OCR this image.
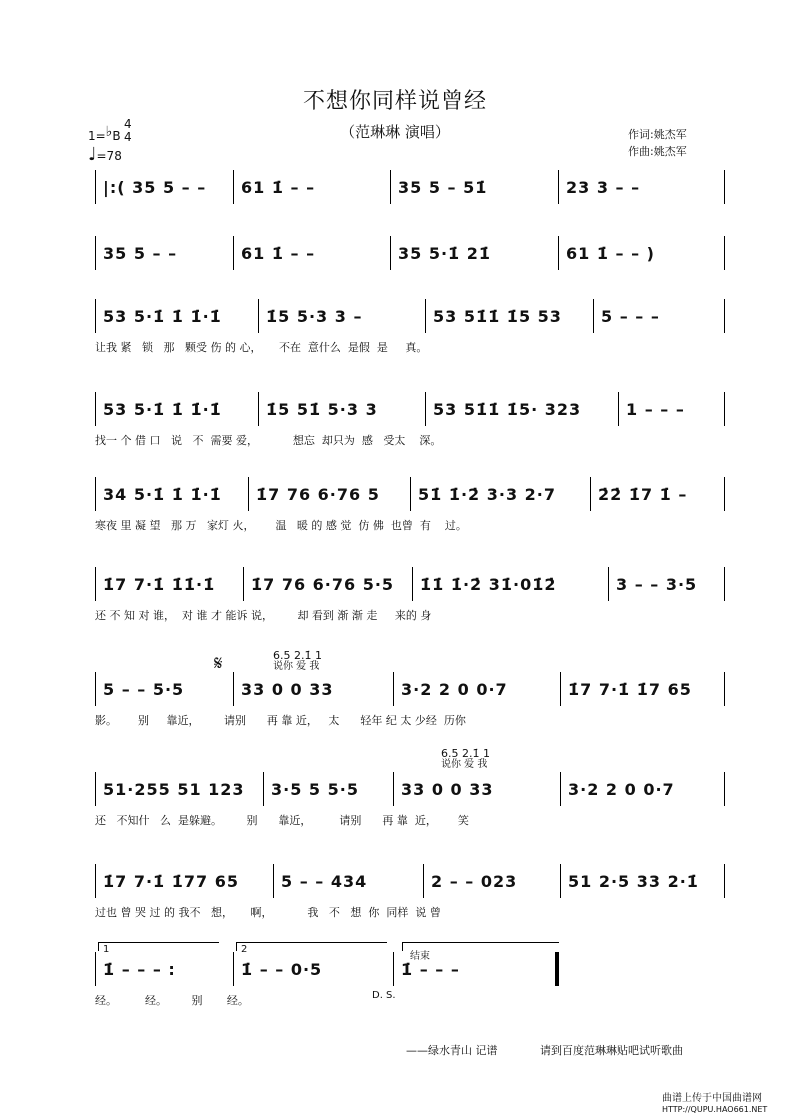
不想你同样说曾经
（范琳琳 演唱）	作词:姚杰军
作曲:姚杰军
1=♭B
4
4
♩=78
|:( 35 5 – – 61 1̇ – –	35 5 – 51̇	23 3 – –
35 5 – –	61 1̇ – –	35 5·1̇ 21̇	61 1̇ – – )
53 5·1̇ 1̇ 1̇·1̇	1̇5 5·3 3 –	53 51̇1̇ 1̇5 53 5 – – –
让我 紧   锁   那   颗受 伤 的 心，     不在  意什么  是假  是     真。
53 5·1̇ 1̇ 1̇·1̇	1̇5 51̇ 5·3 3	53 51̇1̇ 1̇5· 323	1 – – –
找一 个 借 口   说   不  需要 爱，          想忘  却只为  感   受太    深。
34 5·1̇ 1̇ 1̇·1̇ 1̇7 76 6·76 5 51̇ 1̇·2̇ 3·3 2·7	2̇2̇ 1̇7 1̇ –
寒夜 里 凝 望   那 万   家灯 火，      温   暖 的 感 觉  仿 佛  也曾  有    过。
1̇7 7·1̇ 1̇1̇·1̇ 1̇7 76 6·76 5·5 1̇1̇ 1̇·2̇ 31̇·01̇2̇	3 – – 3·5
还 不 知 对 谁，  对 谁 才 能诉 说，       却 看到 渐 渐 走     来的 身
5 – – 5·5	33 0 0 33	3·2 2 0 0·7	1̇7 7·1̇ 1̇7 65
影。      别     靠近，       请别      再 靠 近，   太      轻年 纪 太 少经  历你
51·255 51 123 3·5 5 5·5	33 0 0 33	3·2 2 0 0·7
还   不知什   么  是躲避。       别      靠近，        请别      再 靠  近，      笑
1̇7 7·1̇ 1̇77 65	5 – – 434	2 – – 023	51 2·5 33 2·1̇
过也 曾 哭 过 的 我不   想，     啊，          我   不   想  你  同样  说 曾
1̇ – – – :	1̇ – – 0·5	1̇ – – –
经。        经。       别       经。
6.5 2.1̇ 1
说你 爱 我
6.5 2.1̇ 1
说你 爱 我
𝄋
1	2
结束
D. S.
——绿水青山 记谱	请到百度范琳琳贴吧试听歌曲
曲谱上传于中国曲谱网
HTTP://QUPU.HAO661.NET
